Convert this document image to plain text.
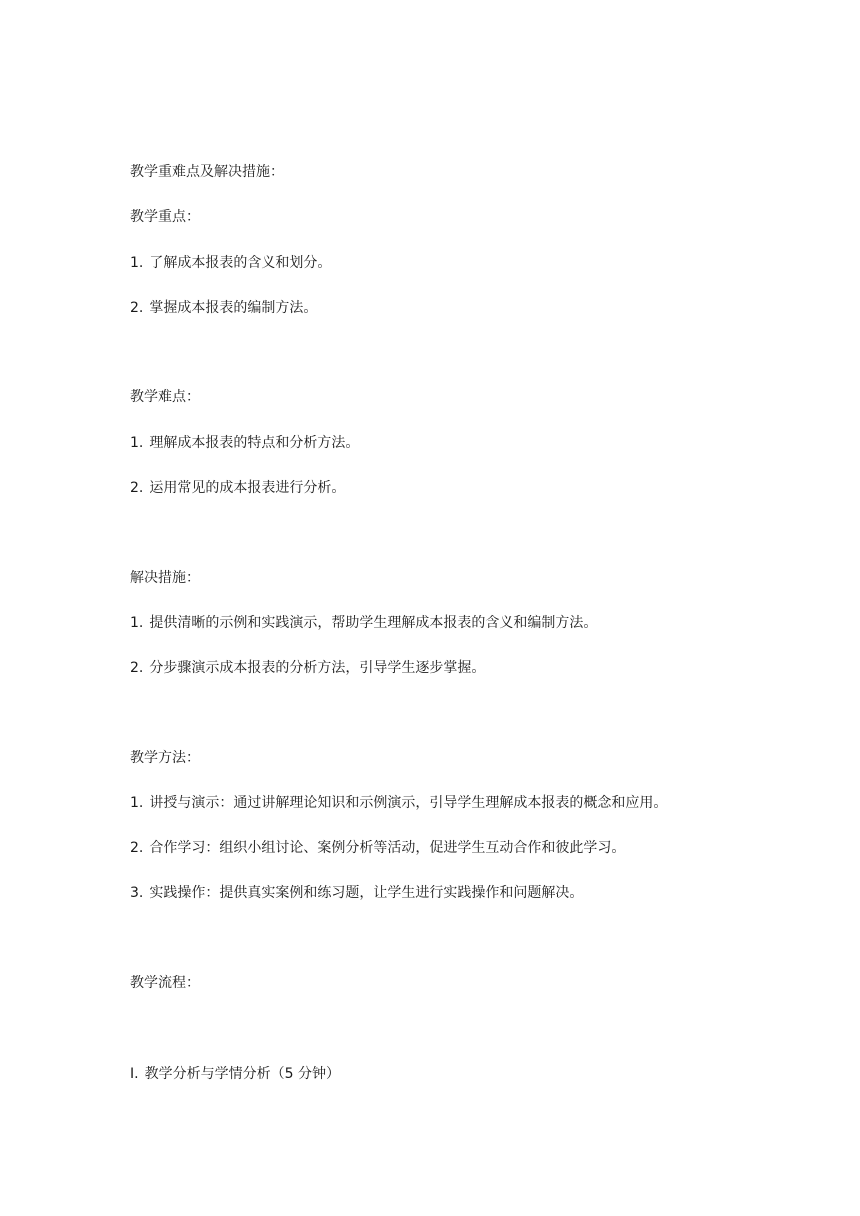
教学重难点及解决措施：
教学重点：
1. 了解成本报表的含义和划分。
2. 掌握成本报表的编制方法。
教学难点：
1. 理解成本报表的特点和分析方法。
2. 运用常见的成本报表进行分析。
解决措施：
1. 提供清晰的示例和实践演示，帮助学生理解成本报表的含义和编制方法。
2. 分步骤演示成本报表的分析方法，引导学生逐步掌握。
教学方法：
1. 讲授与演示：通过讲解理论知识和示例演示，引导学生理解成本报表的概念和应用。
2. 合作学习：组织小组讨论、案例分析等活动，促进学生互动合作和彼此学习。
3. 实践操作：提供真实案例和练习题，让学生进行实践操作和问题解决。
教学流程：
I. 教学分析与学情分析（5 分钟）
